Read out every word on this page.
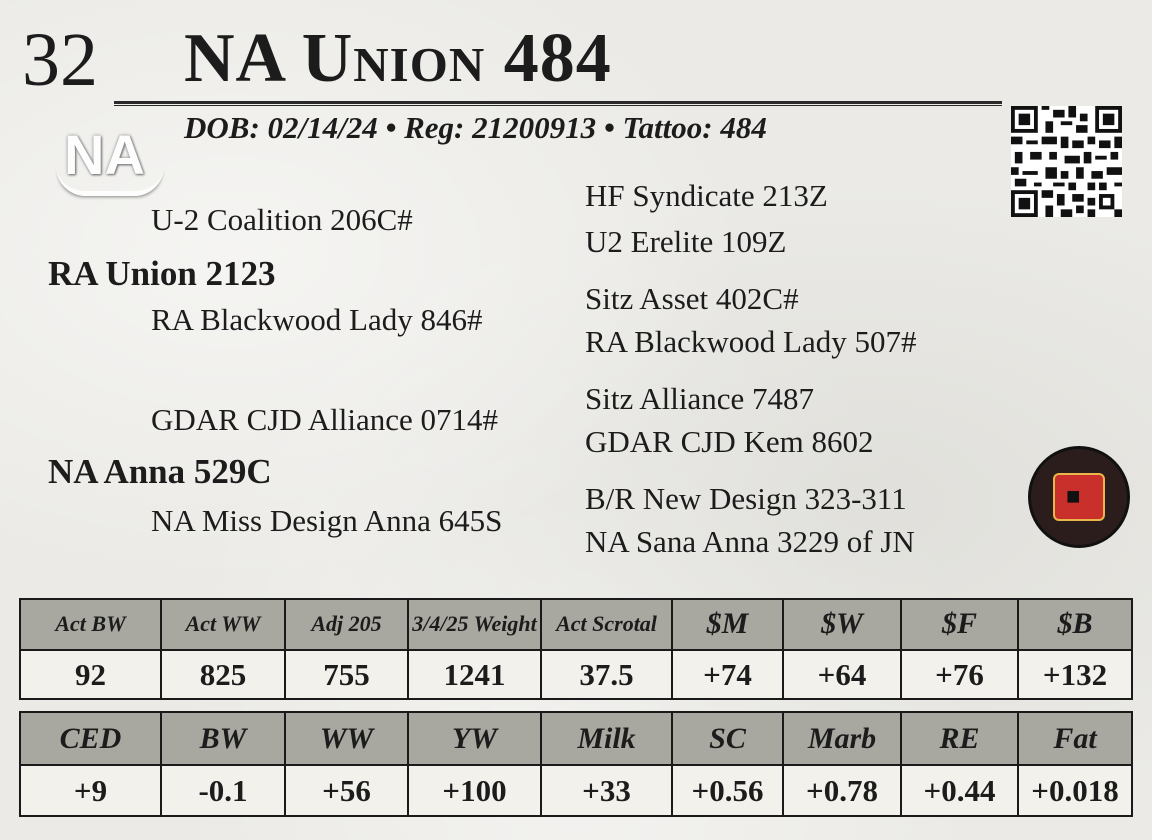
32 NA Union 484
DOB: 02/14/24 • Reg: 21200913 • Tattoo: 484
NA
■
U-2 Coalition 206C#
RA Union 2123
RA Blackwood Lady 846#
GDAR CJD Alliance 0714#
NA Anna 529C
NA Miss Design Anna 645S
HF Syndicate 213Z
U2 Erelite 109Z
Sitz Asset 402C#
RA Blackwood Lady 507#
Sitz Alliance 7487
GDAR CJD Kem 8602
B/R New Design 323-311
NA Sana Anna 3229 of JN
Act BW	Act WW	Adj 205	3/4/25 Weight	Act Scrotal	$M	$W	$F	$B
92	825	755	1241	37.5	+74	+64	+76	+132
CED	BW	WW	YW	Milk	SC	Marb	RE	Fat
+9	-0.1	+56	+100	+33	+0.56	+0.78	+0.44	+0.018
